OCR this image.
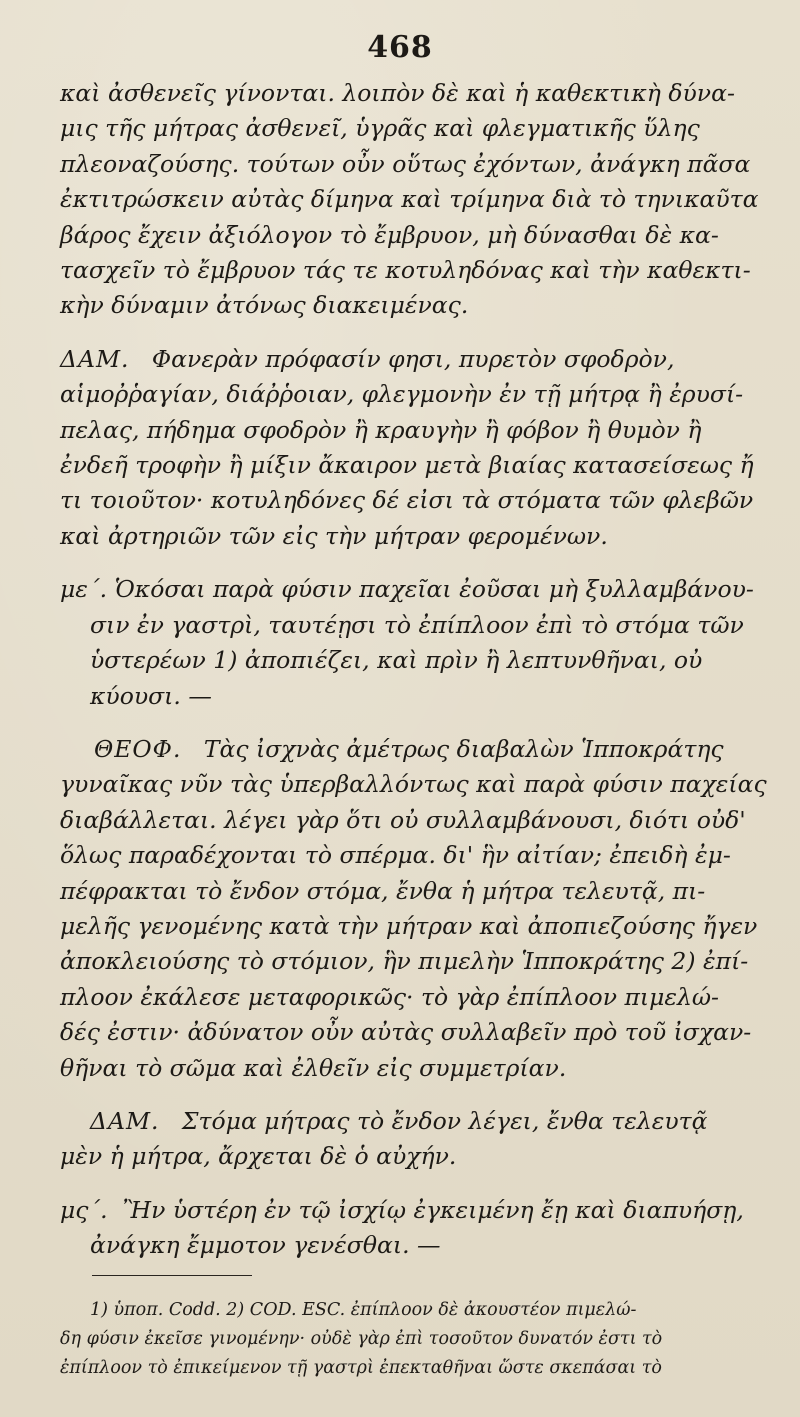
468

καὶ ἀσθενεῖς γίνονται. λοιπὸν δὲ καὶ ἡ καθεκτικὴ δύνα-
μις τῆς μήτρας ἀσθενεῖ, ὑγρᾶς καὶ φλεγματικῆς ὕλης
πλεοναζούσης. τούτων οὖν οὕτως ἐχόντων, ἀνάγκη πᾶσα
ἐκτιτρώσκειν αὐτὰς δίμηνα καὶ τρίμηνα διὰ τὸ τηνικαῦτα
βάρος ἔχειν ἀξιόλογον τὸ ἔμβρυον, μὴ δύνασθαι δὲ κα-
τασχεῖν τὸ ἔμβρυον τάς τε κοτυληδόνας καὶ τὴν καθεκτι-
κὴν δύναμιν ἀτόνως διακειμένας.

ΔΑΜ. Φανερὰν πρόφασίν φησι, πυρετὸν σφοδρὸν,
αἱμοῤῥαγίαν, διάῤῥοιαν, φλεγμονὴν ἐν τῇ μήτρᾳ ἢ ἐρυσί-
πελας, πήδημα σφοδρὸν ἢ κραυγὴν ἢ φόβον ἢ θυμὸν ἢ
ἐνδεῆ τροφὴν ἢ μίξιν ἄκαιρον μετὰ βιαίας κατασείσεως ἤ
τι τοιοῦτον· κοτυληδόνες δέ εἰσι τὰ στόματα τῶν φλεβῶν
καὶ ἀρτηριῶν τῶν εἰς τὴν μήτραν φερομένων.

με΄. Ὁκόσαι παρὰ φύσιν παχεῖαι ἐοῦσαι μὴ ξυλλαμβάνου-
σιν ἐν γαστρὶ, ταυτέῃσι τὸ ἐπίπλοον ἐπὶ τὸ στόμα τῶν
ὑστερέων 1) ἀποπιέζει, καὶ πρὶν ἢ λεπτυνθῆναι, οὐ
κύουσι. —

ΘΕΟΦ. Τὰς ἰσχνὰς ἀμέτρως διαβαλὼν Ἱπποκράτης
γυναῖκας νῦν τὰς ὑπερβαλλόντως καὶ παρὰ φύσιν παχείας
διαβάλλεται. λέγει γὰρ ὅτι οὐ συλλαμβάνουσι, διότι οὐδ'
ὅλως παραδέχονται τὸ σπέρμα. δι' ἣν αἰτίαν; ἐπειδὴ ἐμ-
πέφρακται τὸ ἔνδον στόμα, ἔνθα ἡ μήτρα τελευτᾷ, πι-
μελῆς γενομένης κατὰ τὴν μήτραν καὶ ἀποπιεζούσης ἤγεν
ἀποκλειούσης τὸ στόμιον, ἣν πιμελὴν Ἱπποκράτης 2) ἐπί-
πλοον ἐκάλεσε μεταφορικῶς· τὸ γὰρ ἐπίπλοον πιμελώ-
δές ἐστιν· ἀδύνατον οὖν αὐτὰς συλλαβεῖν πρὸ τοῦ ἰσχαν-
θῆναι τὸ σῶμα καὶ ἐλθεῖν εἰς συμμετρίαν.

ΔΑΜ. Στόμα μήτρας τὸ ἔνδον λέγει, ἔνθα τελευτᾷ
μὲν ἡ μήτρα, ἄρχεται δὲ ὁ αὐχήν.

μς΄. Ἢν ὑστέρη ἐν τῷ ἰσχίῳ ἐγκειμένη ἔῃ καὶ διαπυήσῃ,
ἀνάγκη ἔμμοτον γενέσθαι. —

1) ὑποπ. Codd. 2) COD. ESC. ἐπίπλοον δὲ ἀκουστέον πιμελώ-
δη φύσιν ἐκεῖσε γινομένην· οὐδὲ γὰρ ἐπὶ τοσοῦτον δυνατόν ἐστι τὸ
ἐπίπλοον τὸ ἐπικείμενον τῇ γαστρὶ ἐπεκταθῆναι ὥστε σκεπάσαι τὸ
